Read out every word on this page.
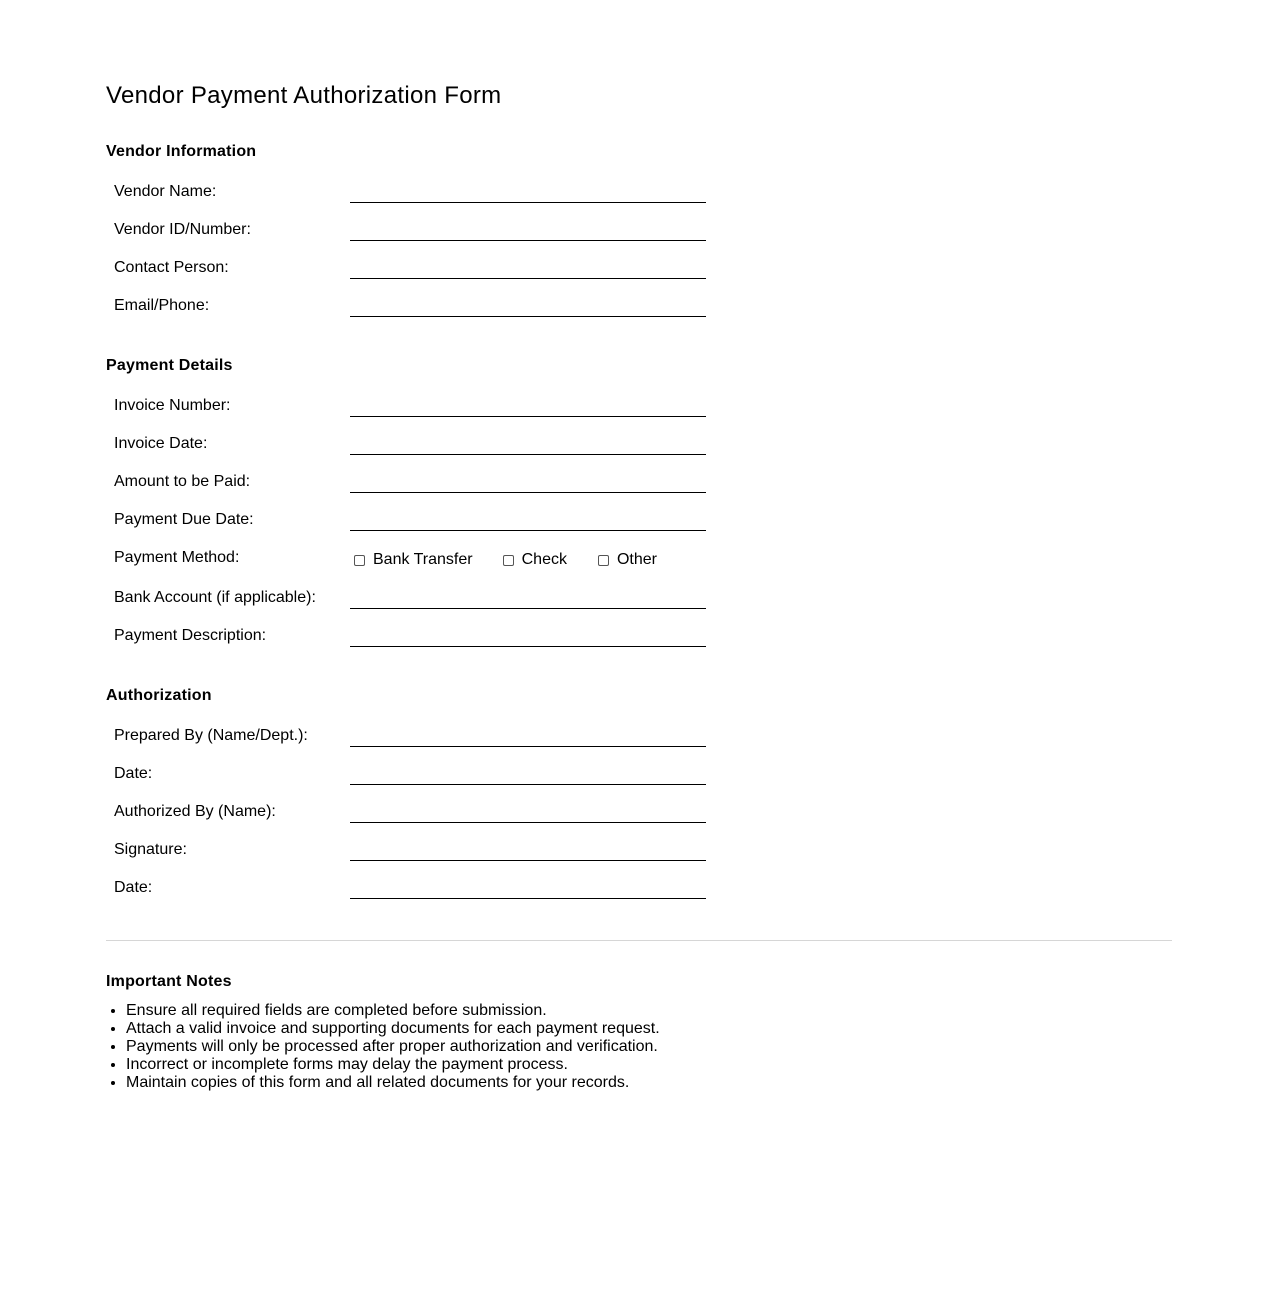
Vendor Payment Authorization Form
Vendor Information
Vendor Name:
Vendor ID/Number:
Contact Person:
Email/Phone:
Payment Details
Invoice Number:
Invoice Date:
Amount to be Paid:
Payment Due Date:
Payment Method:	Bank Transfer	Check	Other
Bank Account (if applicable):
Payment Description:
Authorization
Prepared By (Name/Dept.):
Date:
Authorized By (Name):
Signature:
Date:
Important Notes
• Ensure all required fields are completed before submission.
• Attach a valid invoice and supporting documents for each payment request.
• Payments will only be processed after proper authorization and verification.
• Incorrect or incomplete forms may delay the payment process.
• Maintain copies of this form and all related documents for your records.
